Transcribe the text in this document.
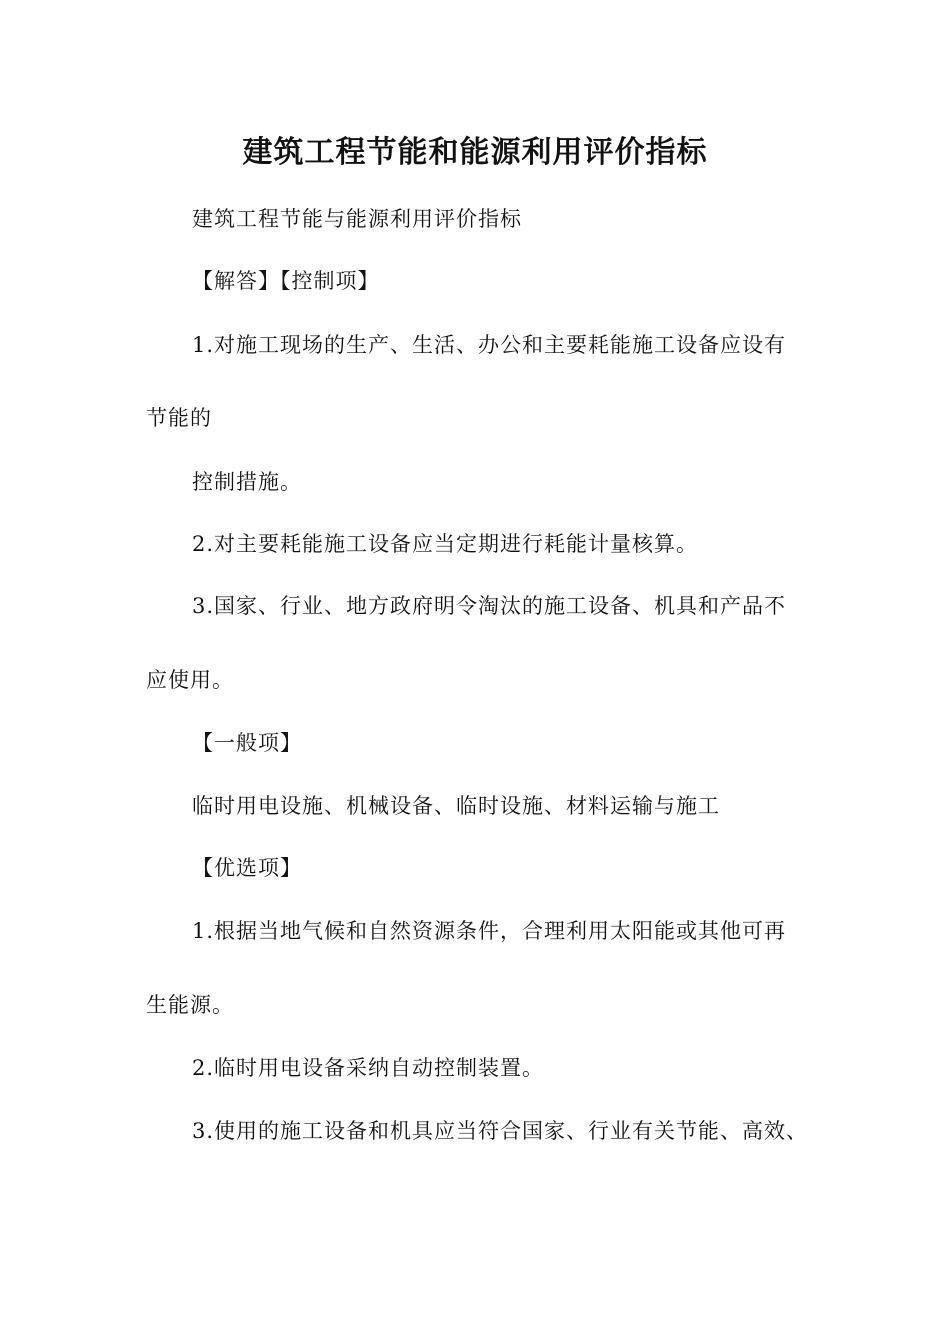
建筑工程节能和能源利用评价指标
建筑工程节能与能源利用评价指标
【解答】【控制项】
1.对施工现场的生产、生活、办公和主要耗能施工设备应设有
节能的
控制措施。
2.对主要耗能施工设备应当定期进行耗能计量核算。
3.国家、行业、地方政府明令淘汰的施工设备、机具和产品不
应使用。
【一般项】
临时用电设施、机械设备、临时设施、材料运输与施工
【优选项】
1.根据当地气候和自然资源条件，合理利用太阳能或其他可再
生能源。
2.临时用电设备采纳自动控制装置。
3.使用的施工设备和机具应当符合国家、行业有关节能、高效、
